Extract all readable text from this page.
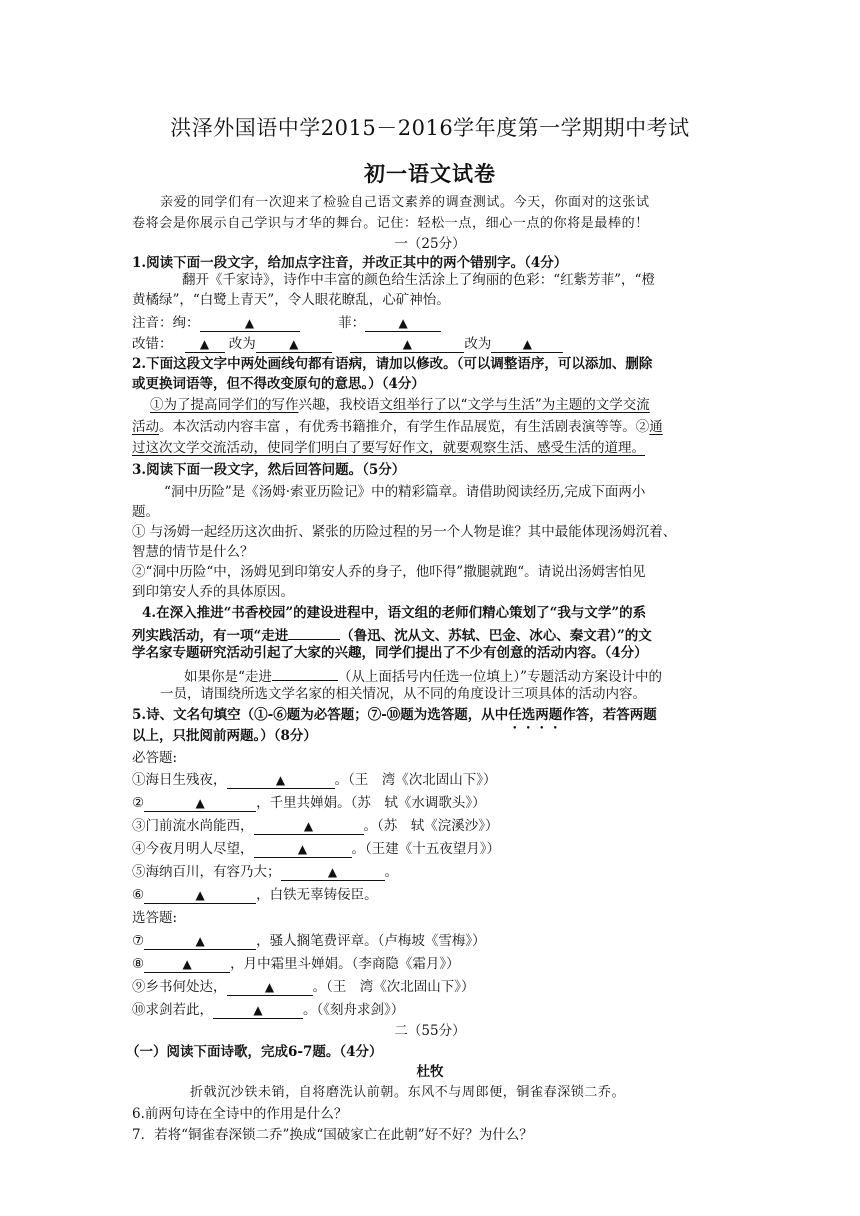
洪泽外国语中学2015－2016学年度第一学期期中考试
初一语文试卷
亲爱的同学们有一次迎来了检验自己语文素养的调查测试。今天，你面对的这张试
卷将会是你展示自己学识与才华的舞台。记住：轻松一点，细心一点的你将是最棒的！
一（25分）
1.阅读下面一段文字，给加点字注音，并改正其中的两个错别字。（4分）
翻开《千家诗》，诗作中丰富的颜色给生活涂上了绚丽的色彩：“红紫芳菲”，“橙
黄橘绿”，“白鹭上青天”，令人眼花瞭乱，心矿神怡。
注音：绚：	▲	菲：	▲
改错： ▲ 改为	▲	▲	改为	▲
2.下面这段文字中两处画线句都有语病，请加以修改。（可以调整语序，可以添加、删除
或更换词语等，但不得改变原句的意思。）（4分）
①为了提高同学们的写作兴趣，我校语文组举行了以“文学与生活”为主题的文学交流
活动。本次活动内容丰富 ，有优秀书籍推介，有学生作品展览，有生活剧表演等等。②通
过这次文学交流活动，使同学们明白了要写好作文，就要观察生活、感受生活的道理。
3.阅读下面一段文字，然后回答问题。（5分）
“洞中历险”是《汤姆·索亚历险记》中的精彩篇章。请借助阅读经历,完成下面两小
题。
① 与汤姆一起经历这次曲折、紧张的历险过程的另一个人物是谁？其中最能体现汤姆沉着、
智慧的情节是什么？
②“洞中历险“中，汤姆见到印第安人乔的身子，他吓得”撒腿就跑“。请说出汤姆害怕见
到印第安人乔的具体原因。
4.在深入推进“书香校园”的建设进程中，语文组的老师们精心策划了“我与文学”的系
列实践活动，有一项“走进	（鲁迅、沈从文、苏轼、巴金、冰心、秦文君）”的文
学名家专题研究活动引起了大家的兴趣，同学们提出了不少有创意的活动内容。（4分）
如果你是“走进	（从上面括号内任选一位填上）”专题活动方案设计中的
一员，请围绕所选文学名家的相关情况，从不同的角度设计三项具体的活动内容。
5.诗、文名句填空（①-⑥题为必答题；⑦-⑩题为选答题，从中任选两题作答，若答两题
以上，只批阅前两题。）（8分）
必答题:
①海日生残夜，	▲	。（王　湾《次北固山下》）
②	▲	，千里共婵娟。（苏　轼《水调歌头》）
③门前流水尚能西，	▲	。（苏　轼《浣溪沙》）
④今夜月明人尽望，	▲	。（王建《十五夜望月》）
⑤海纳百川，有容乃大；	▲	。
⑥	▲	，白铁无辜铸佞臣。
选答题:
⑦	▲	，骚人搁笔费评章。（卢梅坡《雪梅》）
⑧	▲	，月中霜里斗婵娟。（李商隐《霜月》）
⑨乡书何处达，	▲	。（王　湾《次北固山下》）
⑩求剑若此，	▲	。（《刻舟求剑》）
二（55分）
（一）阅读下面诗歌，完成6-7题。（4分）
杜牧
折戟沉沙铁未销，自将磨洗认前朝。东风不与周郎便，铜雀春深锁二乔。
6.前两句诗在全诗中的作用是什么？
7．若将“铜雀春深锁二乔”换成“国破家亡在此朝”好不好？为什么？
